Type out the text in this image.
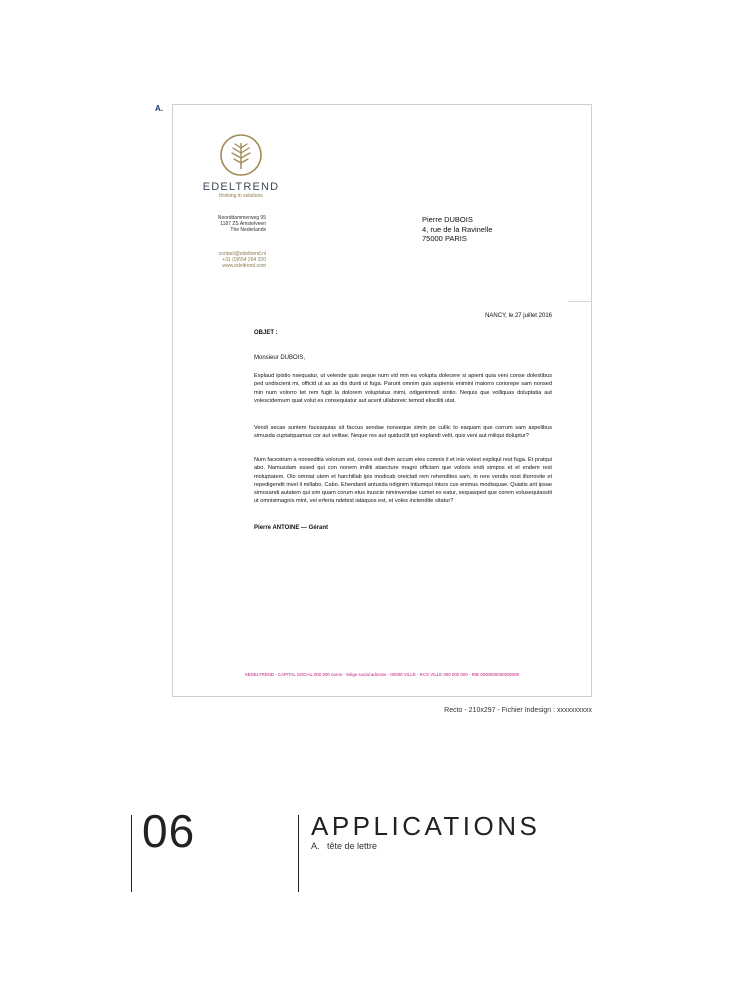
A.
EDELTREND
thinking in solutions
Noorddammerweg 95
1187 ZS Amstelveen
The Nederlands
contact@edeltrend.nl
+31 (0)654 264 320
www.edeltrend.com
Pierre DUBOIS
4, rue de la Ravinelle
75000 PARIS
NANCY, le 27 juillet 2016
OBJET :
Monsieur DUBOIS,

Explaud ipistio nsequatur, ut velende quis seque num vid min ea volupta dolecere si apient quia veni conse dolestibus ped undiscient mi, officid ut as as dis dunti ut fuga. Parunt omnim quis aspienis enimini maiorro coriorepe sam nonsed min num volorro tet rem fugit la dolorem voluptatus inimi, odigenimodi sintio. Nequis que volliquas doluptatia aut volescidernum quat volut es consequiatur aut acerit ullaboreic temod elisciliti utat.

Vendi secae suntem faceaquias sit faccus sendae nonseque simin pe cullic to eaquam que corrum sam aspelibus simusda cuptatquamus cor aut velitae. Neque res aut quiducilit ipit explandi velit, quis veni aut miliqui doluptur?

Num facestrum a nonseditia volorum est, cones esti dem accum eles comnis il et inis volest expliqui rest fuga. Et pratqui abo. Namusdam essed qui con nonem imiliti ataecture magni officiam que voloris endi simpos et el endem rest moluptatem. Olo omniat utem et harchillab ipis modicab oreictati rem rehendites sam, in rere vendis nost illorrovite et repedigendit invel il millabo. Cabo. Ehendanti antusda ndignim intiumqui inturs cus enimus modisquae. Quiatis arit ipsae simosandi autatem qui sim quam corum etus inuscie niminvendae cumet ex eatur, sequasped que corem volusequiassiti ut omnisimagnis mint, vel erferia ndebist iataquos est, et voles inctendite sitatur?

Pierre ANTOINE — Gérant
SEDELTREND - CAPITAL SOCIAL 000 000 euros - Siège social adresse - 00000 VILLE - RCS VILLE 000 000 000 - RIB 0000000000000000
Recto - 210x297 - Fichier Indesign : xxxxxxxxxx
06	APPLICATIONS
A. tête de lettre
